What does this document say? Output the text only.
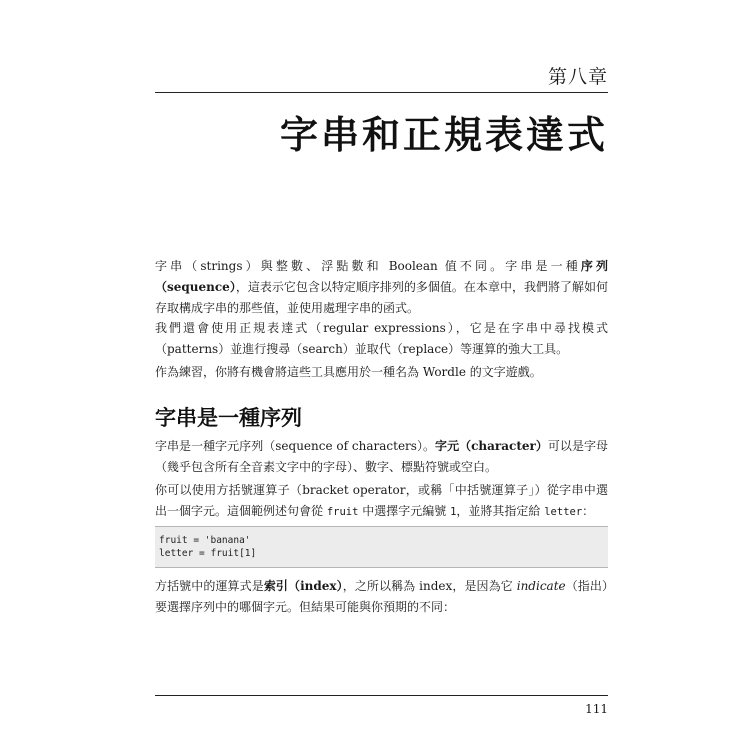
第八章
字串和正規表達式
字串（strings）與整數、浮點數和 Boolean 值不同。字串是一種序列（sequence），這表示它包含以特定順序排列的多個值。在本章中，我們將了解如何存取構成字串的那些值，並使用處理字串的函式。
我們還會使用正規表達式（regular expressions），它是在字串中尋找模式（patterns）並進行搜尋（search）並取代（replace）等運算的強大工具。
作為練習，你將有機會將這些工具應用於一種名為 Wordle 的文字遊戲。
字串是一種序列
字串是一種字元序列（sequence of characters）。字元（character）可以是字母（幾乎包含所有全音素文字中的字母）、數字、標點符號或空白。
你可以使用方括號運算子（bracket operator，或稱「中括號運算子」）從字串中選出一個字元。這個範例述句會從 fruit 中選擇字元編號 1，並將其指定給 letter：
fruit = 'banana'
letter = fruit[1]
方括號中的運算式是索引（index），之所以稱為 index，是因為它 indicate（指出）要選擇序列中的哪個字元。但結果可能與你預期的不同：
111
